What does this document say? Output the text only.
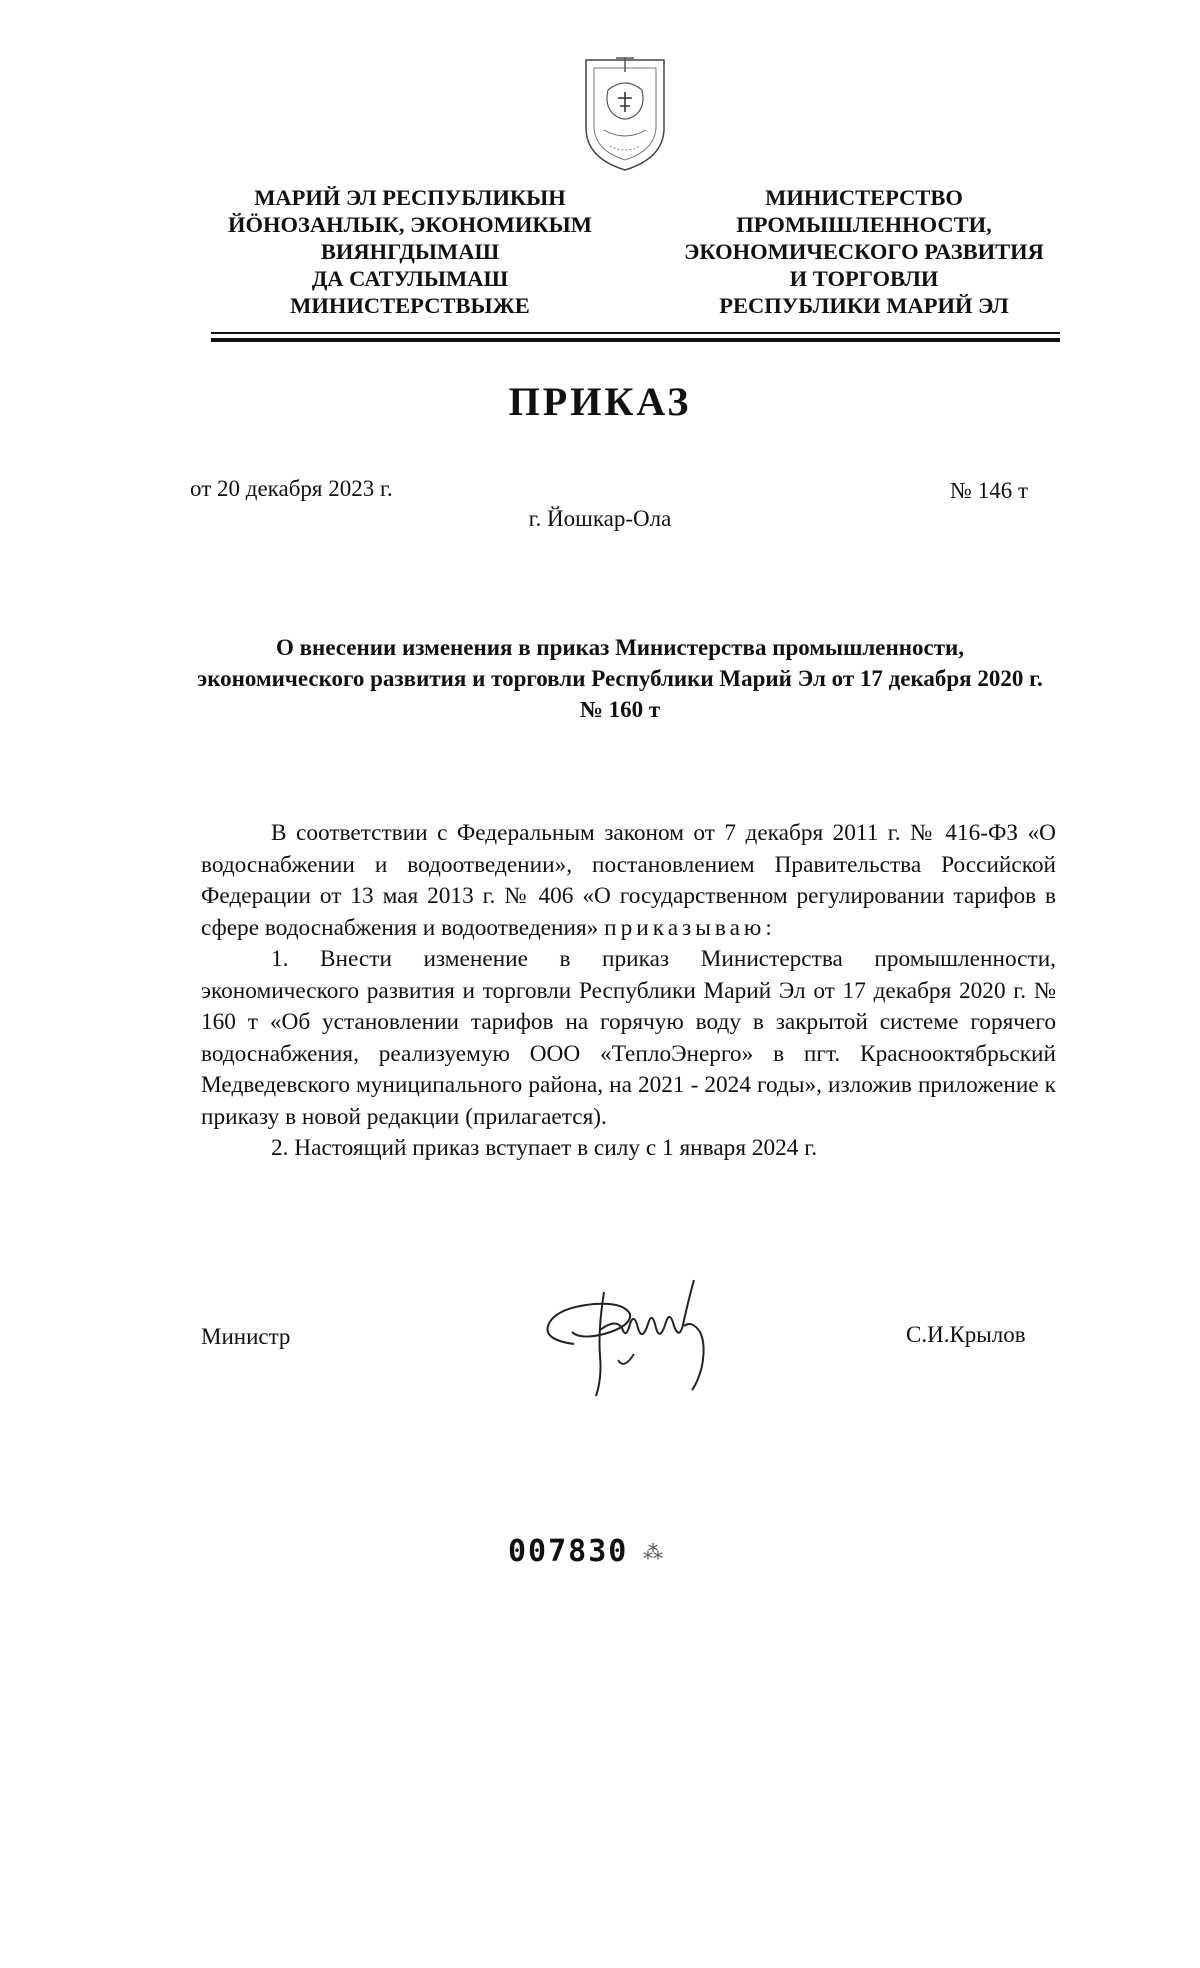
МАРИЙ ЭЛ РЕСПУБЛИКЫН
ЙӦНОЗАНЛЫК, ЭКОНОМИКЫМ
ВИЯНГДЫМАШ
ДА САТУЛЫМАШ
МИНИСТЕРСТВЫЖЕ
МИНИСТЕРСТВО
ПРОМЫШЛЕННОСТИ,
ЭКОНОМИЧЕСКОГО РАЗВИТИЯ
И ТОРГОВЛИ
РЕСПУБЛИКИ МАРИЙ ЭЛ
ПРИКАЗ
от 20 декабря 2023 г.	№ 146 т
г. Йошкар-Ола
О внесении изменения в приказ Министерства промышленности, экономического развития и торговли Республики Марий Эл от 17 декабря 2020 г. № 160 т

В соответствии с Федеральным законом от 7 декабря 2011 г. № 416-ФЗ «О водоснабжении и водоотведении», постановлением Правительства Российской Федерации от 13 мая 2013 г. № 406 «О государственном регулировании тарифов в сфере водоснабжения и водоотведения» приказываю:

1. Внести изменение в приказ Министерства промышленности, экономического развития и торговли Республики Марий Эл от 17 декабря 2020 г. № 160 т «Об установлении тарифов на горячую воду в закрытой системе горячего водоснабжения, реализуемую ООО «ТеплоЭнерго» в пгт. Краснооктябрьский Медведевского муниципального района, на 2021 - 2024 годы», изложив приложение к приказу в новой редакции (прилагается).

2. Настоящий приказ вступает в силу с 1 января 2024 г.

Министр	С.И.Крылов
007830 ⁂
